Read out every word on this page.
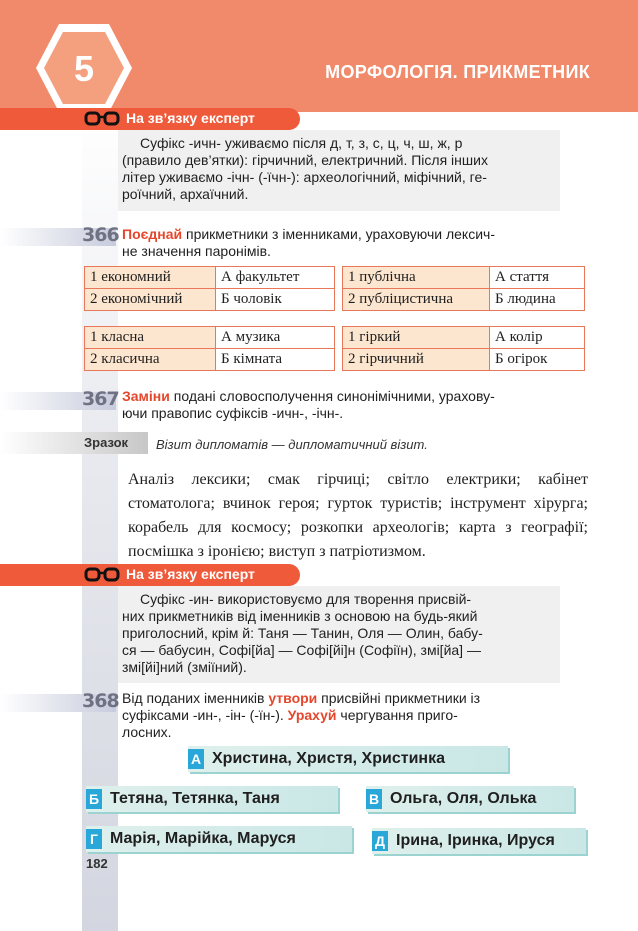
5	МОРФОЛОГІЯ. ПРИКМЕТНИК
На зв’язку експерт

Суфікс -ичн- уживаємо після д, т, з, с, ц, ч, ш, ж, р

(правило дев’ятки): гірчичний, електричний. Після інших

літер уживаємо -ічн- (-їчн-): археологічний, міфічний, ге-

роїчний, архаїчний.

366 Поєднай прикметники з іменниками, ураховуючи лексич-
не значення паронімів.
1 економний	А факультет
2 економічний	Б чоловік
1 публічна	А стаття
2 публіцистична	Б людина
1 класна	А музика
2 класична	Б кімната
1 гіркий	А колір
2 гірчичний	Б огірок
367 Заміни подані словосполучення синонімічними, урахову-
ючи правопис суфіксів -ичн-, -ічн-.
Зразок Візит дипломатів — дипломатичний візит.
Аналіз лексики; смак гірчиці; світло електрики; кабінет стоматолога; вчинок героя; гурток туристів; інструмент хірурга; корабель для космосу; розкопки археологів; карта з географії; посмішка з іронією; виступ з патріотизмом.
На зв’язку експерт

Суфікс -ин- використовуємо для творення присвій-

них прикметників від іменників з основою на будь-який

приголосний, крім й: Таня — Танин, Оля — Олин, бабу-

ся — бабусин, Софі[йа] — Софі[йі]н (Софіїн), змі[йа] —

змі[йі]ний (зміїний).

368 Від поданих іменників утвори присвійні прикметники із
суфіксами -ин-, -ін- (-їн-). Урахуй чергування приго-
лосних.
А Христина, Христя, Христинка
Б Тетяна, Тетянка, Таня	В Ольга, Оля, Олька
Г Марія, Марійка, Маруся	Д Ірина, Іринка, Ируся
182
